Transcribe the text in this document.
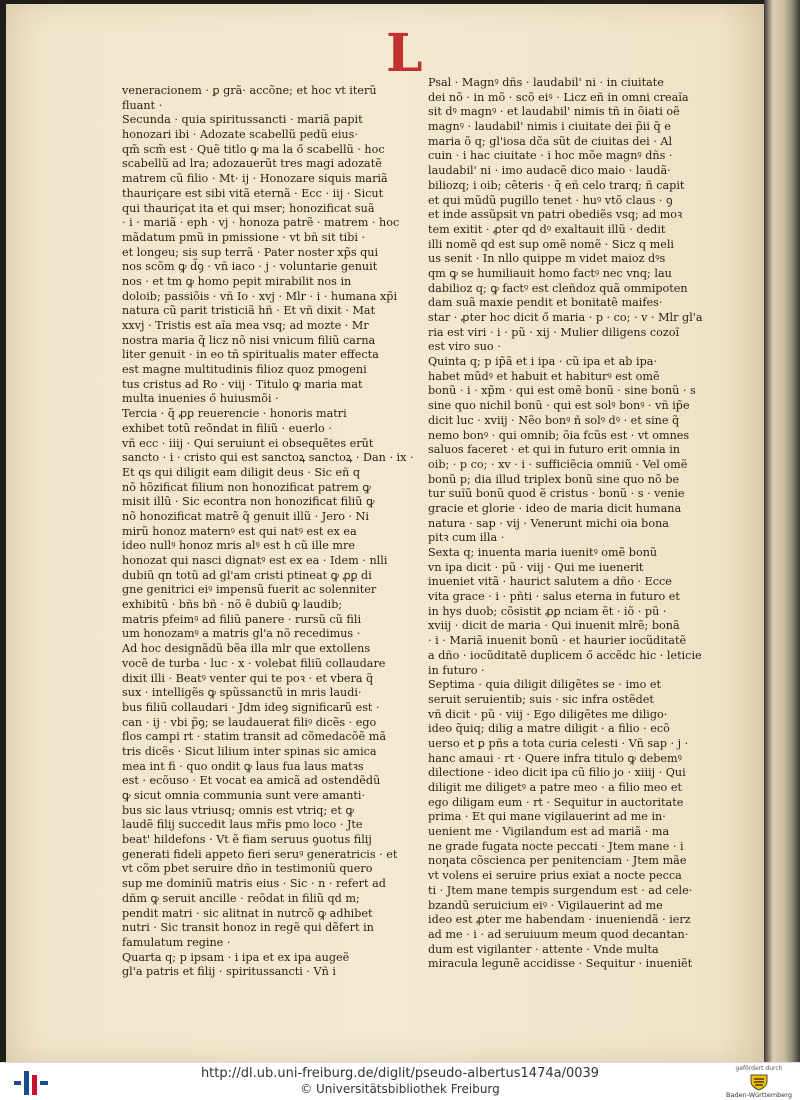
L
veneracionem · ꝑ grã· accõne; et hoc vt iterũ
fluant ·
Secunda · quia spiritussancti · mariã papit
honozari ibi · Adozate scabellũ pedũ eius·
qm̃ scm̃ est · Quẽ titlo ꝙ ma la ő scabellũ · hoc
scabellũ ad lra; adozauerũt tres magi adozatẽ
matrem cũ filio · Mt· ij · Honozare siquis mariã
thauriçare est sibi vitã eternã · Ecc · iij · Sicut
qui thauriçat ita et qui mser; honozificat suã
· i · mariã · eph · vj · honoza patrẽ · matrem · hoc
mãdatum pmũ in pmissione · vt bñ sit tibi ·
et longeu; sis sup terrã · Pater noster xp̃s qui
nos scõm ꝙ d̃ꝯ · vñ iaco · j · voluntarie genuit
nos · et tm ꝙ homo pepit mirabilit nos in
doloib; passiõis · vñ Io · xvj · Mlr · i · humana xp̃i
natura cũ parit tristiciã hñ · Et vñ dixit · Mat
xxvj · Tristis est aĩa mea vsq; ad mozte · Mr
nostra maria q̃ licz nõ nisi vnicum filiũ carna
liter genuit · in eo tñ spiritualis mater effecta
est magne multitudinis filioz quoz pmogeni
tus cristus ad Ro · viij · Titulo ꝙ maria mat
multa inuenies ő huiusmõi ·
Tercia · q̃ ꝓꝑ reuerencie · honoris matri
exhibet totũ reõndat in filiũ · euerlo ·
vñ ecc · iiij · Qui seruiunt ei obsequẽtes erũt
sancto · i · cristo qui est sanctoꝝ sanctoꝝ · Dan · ix ·
Et qs qui diligit eam diligit deus · Sic eñ q
nõ hõzificat filium non honozificat patrem ꝙ
misit illũ · Sic econtra non honozificat filiũ ꝙ
nõ honozificat matrẽ q̃ genuit illũ · Jero · Ni
mirũ honoz maternꝰ est qui natꝰ est ex ea
ideo nullꝰ honoz mris alꝰ est h cũ ille mre
honozat qui nasci dignatꝰ est ex ea · Idem · nlli
dubiũ qn totũ ad gl'am cristi ptineat ꝙ ꝓꝑ di
gne genitrici eiꝰ impensũ fuerit ac solenniter
exhibitũ · bñs bñ · nõ ē dubiũ ꝙ laudib;
matris pfeimꝰ ad filiũ panere · rursũ cũ fili
um honozamꝰ a matris gl'a nõ recedimus ·
Ad hoc designãdũ bẽa illa mlr que extollens
vocẽ de turba · luc · x · volebat filiũ collaudare
dixit illi · Beatꝰ venter qui te poꝛ · et vbera q̃
sux · intelligẽs ꝙ spũssanctũ in mris laudi·
bus filiũ collaudari · Jdm ideꝯ significarũ est ·
can · ij · vbi p̃ꝯ; se laudauerat filiꝰ dicẽs · ego
flos campi rt · statim transit ad cõmedacõẽ mã
tris dicẽs · Sicut lilium inter spinas sic amica
mea int fi · quo ondit ꝙ laus fua laus matꝛs
est · ecõuso · Et vocat ea amicã ad ostendẽdũ
ꝙ sicut omnia communia sunt vere amanti·
bus sic laus vtriusq; omnis est vtriq; et ꝙ
laudẽ filij succedit laus mr̃is pmo loco · Jte
beat' hildefons · Vt ẽ fiam seruus ꝯuotus filij
generati fideli appeto fieri seruꝰ generatricis · et
vt cõm pbet seruire dño in testimoniũ quero
sup me dominiũ matris eius · Sic · n · refert ad
dñm ꝙ seruit ancille · reõdat in filiũ qd m;
pendit matri · sic alitnat in nutrcõ ꝙ adhibet
nutri · Sic transit honoz in regẽ qui dẽfert in
famulatum regine ·
Quarta q; p ipsam · i ipa et ex ipa augeẽ
gl'a patris et filij · spiritussancti · Vñ i
Psal · Magnꝰ dñs · laudabil' ni · in ciuitate
dei nõ · in mõ · scõ eiꝰ · Licz eñ in omni creaĩa
sit dꝰ magnꝰ · et laudabil' nimis tñ in õiati oẽ
magnꝰ · laudabil' nimis i ciuitate dei p̃ii q̃ e
maria õ q; gl'iosa dc̃a sũt de ciuitas dei · Al
cuin · i hac ciuitate · i hoc mõe magnꝰ dñs ·
laudabil' ni · imo audacẽ dico maio · laudã·
biliozq; i oib; cẽteris · q̃ eñ celo trarq; ñ capit
et qui mũdũ pugillo tenet · huꝰ vtõ claus · ꝯ
et inde assũpsit vn patri obediẽs vsq; ad moꝛ
tem exitit · ꝓter qd dꝰ exaltauit illũ · dedit
illi nomẽ qd est sup omẽ nomẽ · Sicz q meli
us senit · In nllo quippe m videt maioz dꝰs
qm ꝙ se humiliauit homo factꝰ nec vnq; lau
dabilioz q; ꝙ factꝰ est cleñdoz quã ommipoten
dam suã maxie pendit et bonitatẽ maifes·
star · ꝓter hoc dicit ő maria · p · co; · v · Mlr gl'a
ria est viri · i · pũ · xij · Mulier diligens cozoĩ
est viro suo ·
Quinta q; p ip̃ã et i ipa · cũ ipa et ab ipa·
habet mũdꝰ et habuit et habiturꝰ est omẽ
bonũ · i · xp̃m · qui est omẽ bonũ · sine bonũ · s
sine quo nichil bonũ · qui est solꝰ bonꝰ · vñ ip̃e
dicit luc · xviij · Nẽo bonꝰ ñ solꝰ dꝰ · et sine q̃
nemo bonꝰ · qui omnib; õia fcũs est · vt omnes
saluos faceret · et qui in futuro erit omnia in
oib; · p co; · xv · i · sufficiẽcia omniũ · Vel omẽ
bonũ p; dia illud triplex bonũ sine quo nõ be
tur suĩũ bonũ quod ẽ cristus · bonũ · s · venie
gracie et glorie · ideo de maria dicit humana
natura · sap · vij · Venerunt michi oia bona
pitꝛ cum illa ·
Sexta q; inuenta maria iuenitꝰ omẽ bonũ
vn ipa dicit · pũ · viij · Qui me iuenerit
inueniet vitã · haurict salutem a dño · Ecce
vita grace · i · pñti · salus eterna in futuro et
in hys duob; cõsistit ꝓꝑ nciam ẽt · iõ · pũ ·
xviij · dicit de maria · Qui inuenit mlrẽ; bonã
· i · Mariã inuenit bonũ · et haurier iocũditatẽ
a dño · iocũditatẽ duplicem ő accẽdc hic · leticie
in futuro ·
Septima · quia diligit diligẽtes se · imo et
seruit seruientib; suis · sic infra ostẽdet
vñ dicit · pũ · viij · Ego diligẽtes me diligo·
ideo q̃uiq; dilig a matre diligit · a filio · ecõ
uerso et ꝑ pñs a tota curia celesti · Vñ sap · j ·
hanc amaui · rt · Quere infra titulo ꝙ debemꝰ
dilectione · ideo dicit ipa cũ filio jo · xiiij · Qui
diligit me diligetꝰ a patre meo · a filio meo et
ego diligam eum · rt · Sequitur in auctoritate
prima · Et qui mane vigilauerint ad me in·
uenient me · Vigilandum est ad mariã · ma
ne grade fugata nocte peccati · Jtem mane · i
noƞata cõscienca per penitenciam · Jtem mãe
vt volens ei seruire prius exiat a nocte pecca
ti · Jtem mane tempis surgendum est · ad cele·
bzandũ seruicium eiꝰ · Vigilauerint ad me
ideo est ꝓter me habendam · inueniendã · ierz
ad me · i · ad seruiuum meum quod decantan·
dum est vigilanter · attente · Vnde multa
miracula legunẽ accidisse · Sequitur · inueniẽt
http://dl.ub.uni-freiburg.de/diglit/pseudo-albertus1474a/0039
© Universitätsbibliothek Freiburg
gefördert durch
Baden-Württemberg
